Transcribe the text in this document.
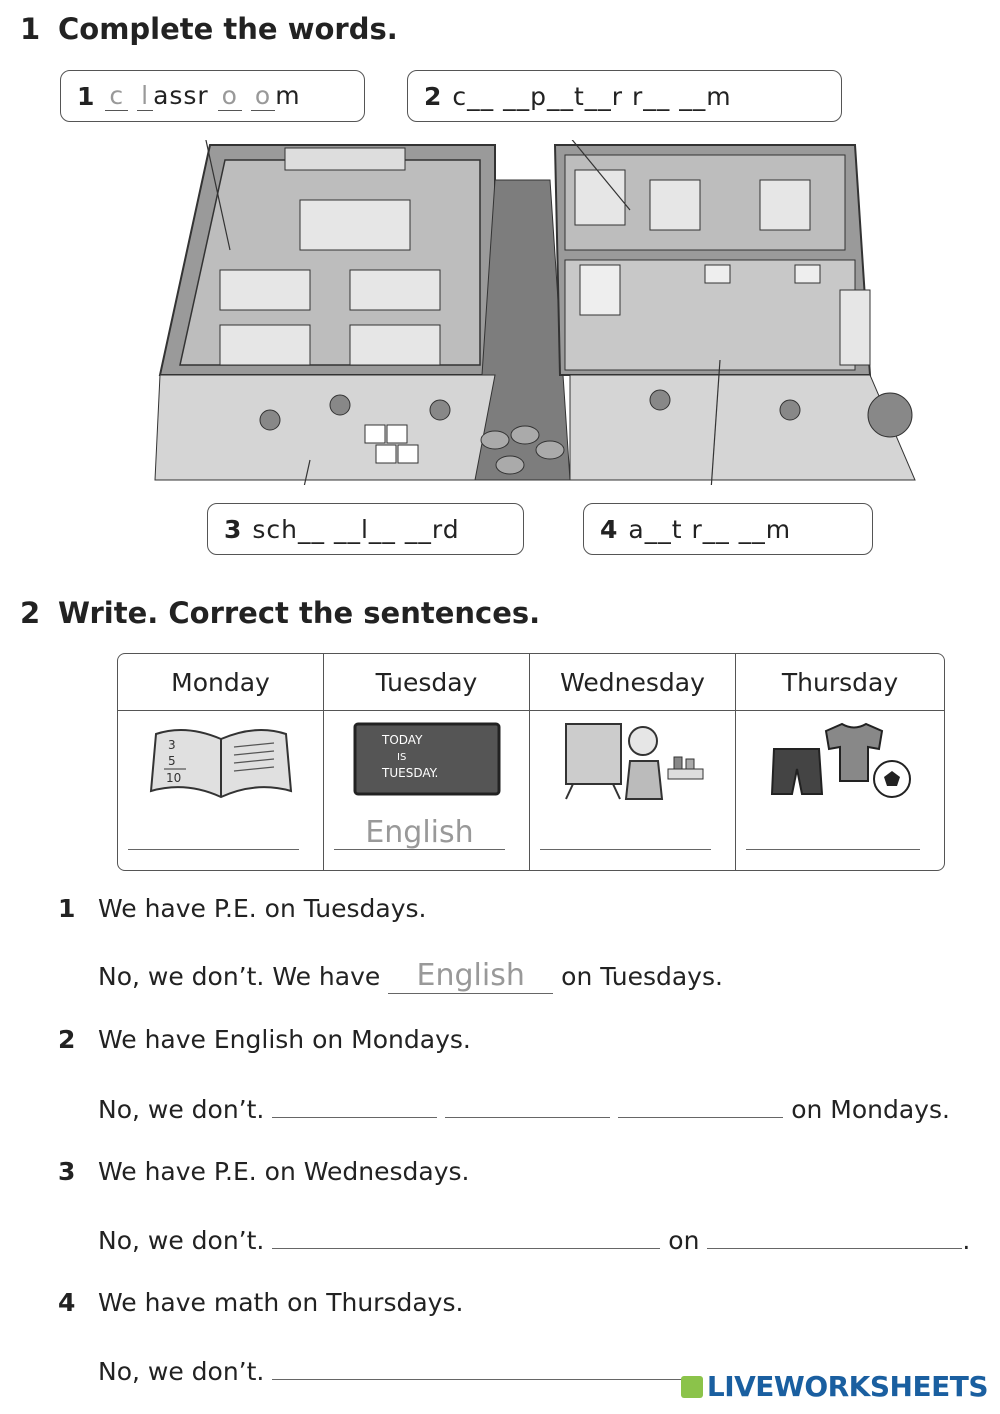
1 Complete the words.
1 c l assr o o m	2 c__ __p__t__r r__ __m
3 sch__ __l__ __rd	4 a__t r__ __m
2 Write. Correct the sentences.
Monday	Tuesday	Wednesday	Thursday
3
5
10
TODAY
IS
TUESDAY.
English
1 We have P.E. on Tuesdays.
No, we don’t. We have English on Tuesdays.
2 We have English on Mondays.
No, we don’t.	on Mondays.
3 We have P.E. on Wednesdays.
No, we don’t.	on	.
4 We have math on Thursdays.
No, we don’t.	LIVEWORKSHEETS
